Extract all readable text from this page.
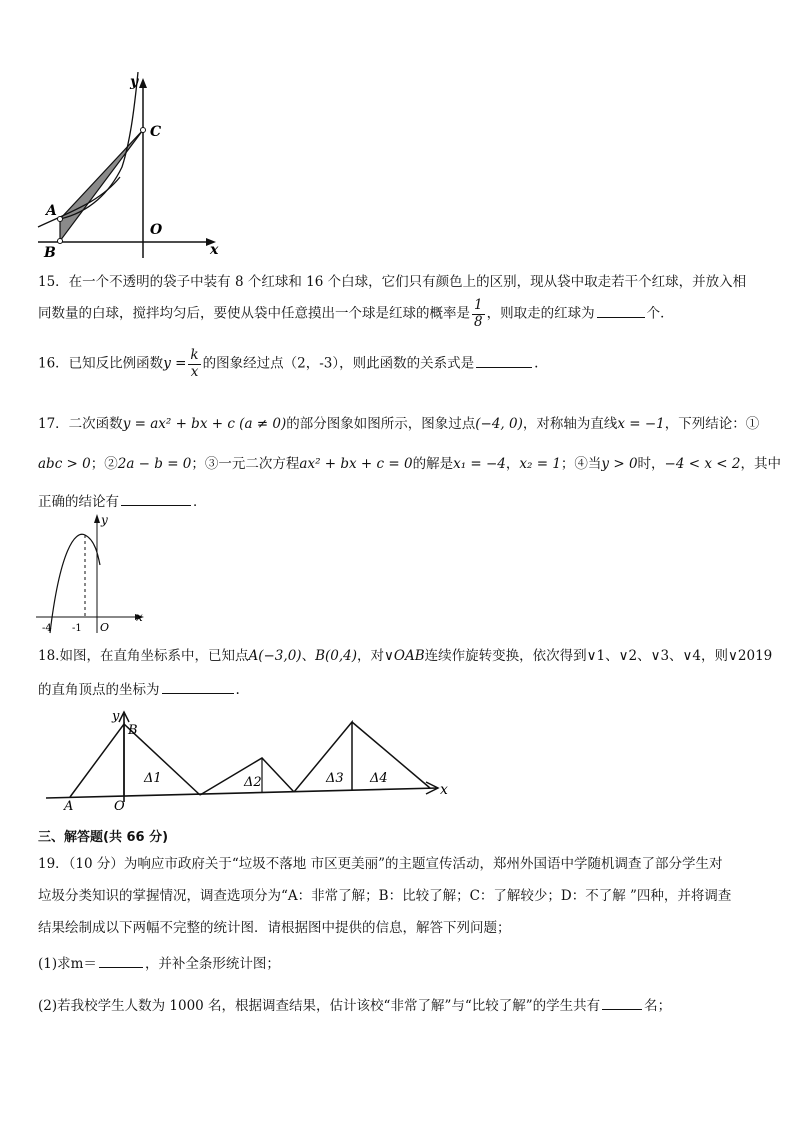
y
x
A
B
C
O
15．在一个不透明的袋子中装有 8 个红球和 16 个白球，它们只有颜色上的区别，现从袋中取走若干个红球，并放入相
同数量的白球，搅拌均匀后，要使从袋中任意摸出一个球是红球的概率是 $\frac{1}{8}$ ，则取走的红球为	个．
16．已知反比例函数$y = \frac{k}{x}$ 的图象经过点（2，-3），则此函数的关系式是	.
17．二次函数y = ax² + bx + c (a ≠ 0)的部分图象如图所示，图象过点(−4, 0)，对称轴为直线x = −1，下列结论：①
abc > 0；②2a − b = 0；③一元二次方程ax² + bx + c = 0的解是x₁ = −4，x₂ = 1；④当y > 0时，−4 < x < 2，其中
正确的结论有	．
y
x
-4 -1 O
18.如图，在直角坐标系中，已知点A(−3,0)、B(0,4)，对∨OAB连续作旋转变换，依次得到∨1、∨2、∨3、∨4，则∨2019
的直角顶点的坐标为	.
y
B
x
A	O
Δ1	Δ2	Δ3 Δ4
三、解答题(共 66 分)
19．（10 分）为响应市政府关于“垃圾不落地 市区更美丽”的主题宣传活动，郑州外国语中学随机调查了部分学生对
垃圾分类知识的掌握情况，调查选项分为“A：非常了解；B：比较了解；C：了解较少；D：不了解 ”四种，并将调查
结果绘制成以下两幅不完整的统计图．请根据图中提供的信息，解答下列问题；
(1)求m＝	，并补全条形统计图；
(2)若我校学生人数为 1000 名，根据调查结果，估计该校“非常了解”与“比较了解”的学生共有	名；
